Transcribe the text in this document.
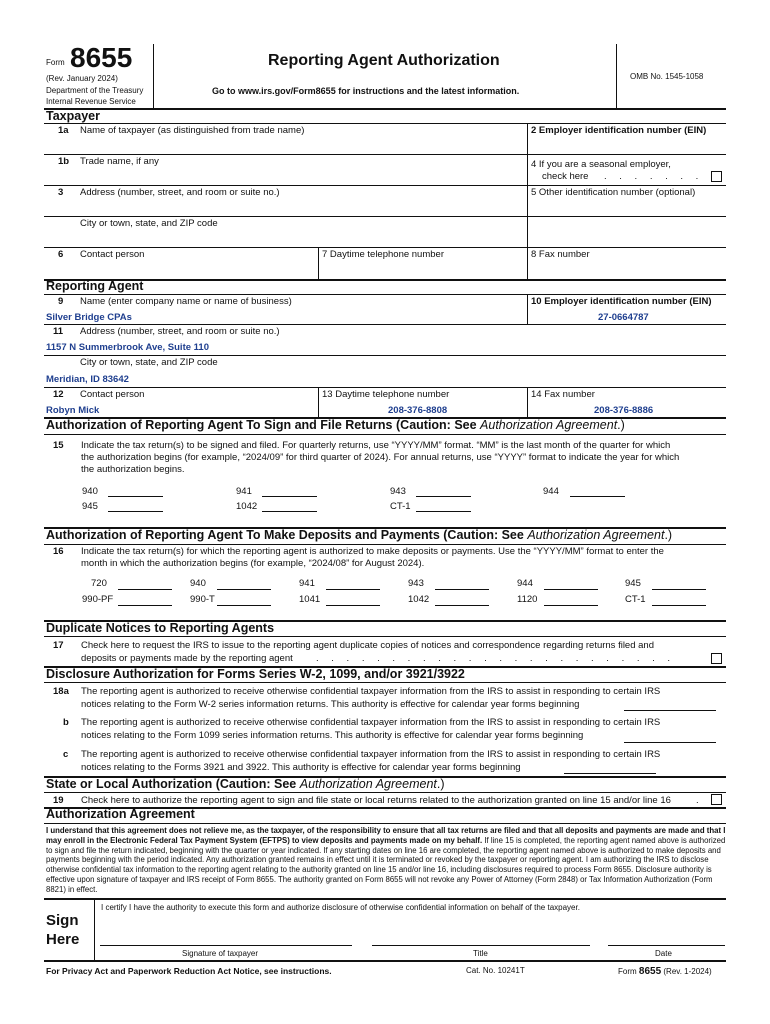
Form 8655
(Rev. January 2024)
Department of the Treasury
Internal Revenue Service
Reporting Agent Authorization
Go to www.irs.gov/Form8655 for instructions and the latest information.
OMB No. 1545-1058
Taxpayer
1a Name of taxpayer (as distinguished from trade name)	2 Employer identification number (EIN)
1b Trade name, if any	4 If you are a seasonal employer,
check here . . . . . . .
3 Address (number, street, and room or suite no.)	5 Other identification number (optional)
City or town, state, and ZIP code
6 Contact person	7 Daytime telephone number	8 Fax number
Reporting Agent
9 Name (enter company name or name of business)	10 Employer identification number (EIN)
Silver Bridge CPAs	27-0664787
11 Address (number, street, and room or suite no.)
1157 N Summerbrook Ave, Suite 110
City or town, state, and ZIP code
Meridian, ID 83642
12 Contact person	13 Daytime telephone number	14 Fax number
Robyn Mick	208-376-8808	208-376-8886
Authorization of Reporting Agent To Sign and File Returns (Caution: See Authorization Agreement.)
15 Indicate the tax return(s) to be signed and filed. For quarterly returns, use “YYYY/MM” format. “MM” is the last month of the quarter for which
the authorization begins (for example, “2024/09” for third quarter of 2024). For annual returns, use “YYYY” format to indicate the year for which
the authorization begins.
940	941	943	944
945	1042	CT-1
Authorization of Reporting Agent To Make Deposits and Payments (Caution: See Authorization Agreement.)
16 Indicate the tax return(s) for which the reporting agent is authorized to make deposits or payments. Use the “YYYY/MM” format to enter the
month in which the authorization begins (for example, “2024/08” for August 2024).
720	940	941	943	944	945
990-PF	990-T	1041	1042	1120	CT-1
Duplicate Notices to Reporting Agents
17 Check here to request the IRS to issue to the reporting agent duplicate copies of notices and correspondence regarding returns filed and
deposits or payments made by the reporting agent . . . . . . . . . . . . . . . . . . . . . . . .
Disclosure Authorization for Forms Series W-2, 1099, and/or 3921/3922
18a The reporting agent is authorized to receive otherwise confidential taxpayer information from the IRS to assist in responding to certain IRS
notices relating to the Form W-2 series information returns. This authority is effective for calendar year forms beginning
b The reporting agent is authorized to receive otherwise confidential taxpayer information from the IRS to assist in responding to certain IRS
notices relating to the Form 1099 series information returns. This authority is effective for calendar year forms beginning
c The reporting agent is authorized to receive otherwise confidential taxpayer information from the IRS to assist in responding to certain IRS
notices relating to the Forms 3921 and 3922. This authority is effective for calendar year forms beginning
State or Local Authorization (Caution: See Authorization Agreement.)
19 Check here to authorize the reporting agent to sign and file state or local returns related to the authorization granted on line 15 and/or line 16	.
Authorization Agreement
I understand that this agreement does not relieve me, as the taxpayer, of the responsibility to ensure that all tax returns are filed and that all deposits and payments are made and that I may enroll in the Electronic Federal Tax Payment System (EFTPS) to view deposits and payments made on my behalf. If line 15 is completed, the reporting agent named above is authorized to sign and file the return indicated, beginning with the quarter or year indicated. If any starting dates on line 16 are completed, the reporting agent named above is authorized to make deposits and payments beginning with the period indicated. Any authorization granted remains in effect until it is terminated or revoked by the taxpayer or reporting agent. I am authorizing the IRS to disclose otherwise confidential tax information to the reporting agent relating to the authority granted on line 15 and/or line 16, including disclosures required to process Form 8655. Disclosure authority is effective upon signature of taxpayer and IRS receipt of Form 8655. The authority granted on Form 8655 will not revoke any Power of Attorney (Form 2848) or Tax Information Authorization (Form 8821) in effect.
Sign
Here
I certify I have the authority to execute this form and authorize disclosure of otherwise confidential information on behalf of the taxpayer.
Signature of taxpayer	Title	Date
For Privacy Act and Paperwork Reduction Act Notice, see instructions.	Cat. No. 10241T	Form 8655 (Rev. 1-2024)
